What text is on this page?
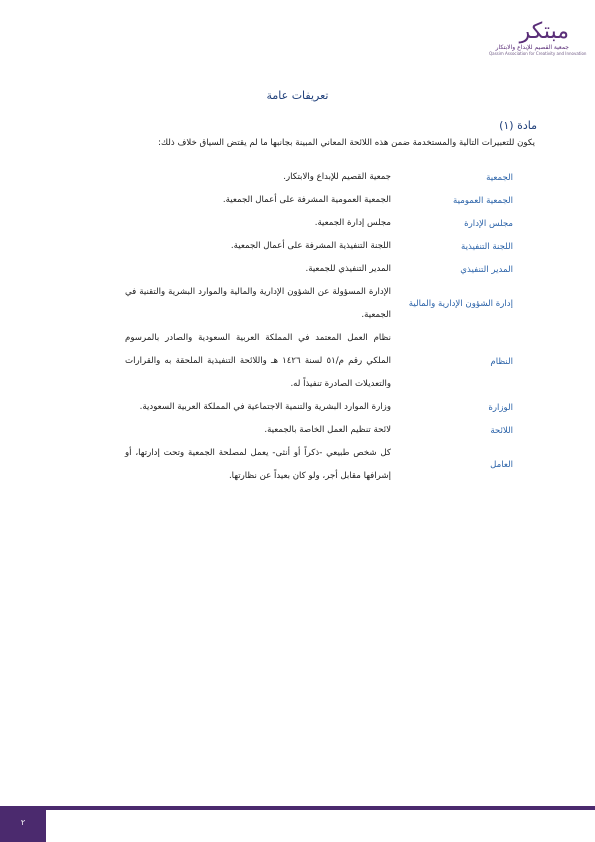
مبتكر
جمعية القصيم للإبداع والابتكار
Qassim Association for Creativity and Innovation
تعريفات عامة
مادة (١)
يكون للتعبيرات التالية والمستخدمة ضمن هذه اللائحة المعاني المبينة بجانبها ما لم يقتض السياق خلاف ذلك:
الجمعية
جمعية القصيم للإبداع والابتكار.
الجمعية العمومية
الجمعية العمومية المشرفة على أعمال الجمعية.
مجلس الإدارة
مجلس إدارة الجمعية.
اللجنة التنفيذية
اللجنة التنفيذية المشرفة على أعمال الجمعية.
المدير التنفيذي
المدير التنفيذي للجمعية.
إدارة الشؤون الإدارية والمالية
الإدارة المسؤولة عن الشؤون الإدارية والمالية والموارد البشرية والتقنية في الجمعية.
النظام
نظام العمل المعتمد في المملكة العربية السعودية والصادر بالمرسوم الملكي رقم م/٥١ لسنة ١٤٢٦ هـ واللائحة التنفيذية الملحقة به والقرارات والتعديلات الصادرة تنفيذاً له.
الوزارة
وزارة الموارد البشرية والتنمية الاجتماعية في المملكة العربية السعودية.
اللائحة
لائحة تنظيم العمل الخاصة بالجمعية.
العامل
كل شخص طبيعي -ذكراً أو أنثى- يعمل لمصلحة الجمعية وتحت إدارتها، أو إشرافها مقابل أجر، ولو كان بعيداً عن نظارتها.
٢
